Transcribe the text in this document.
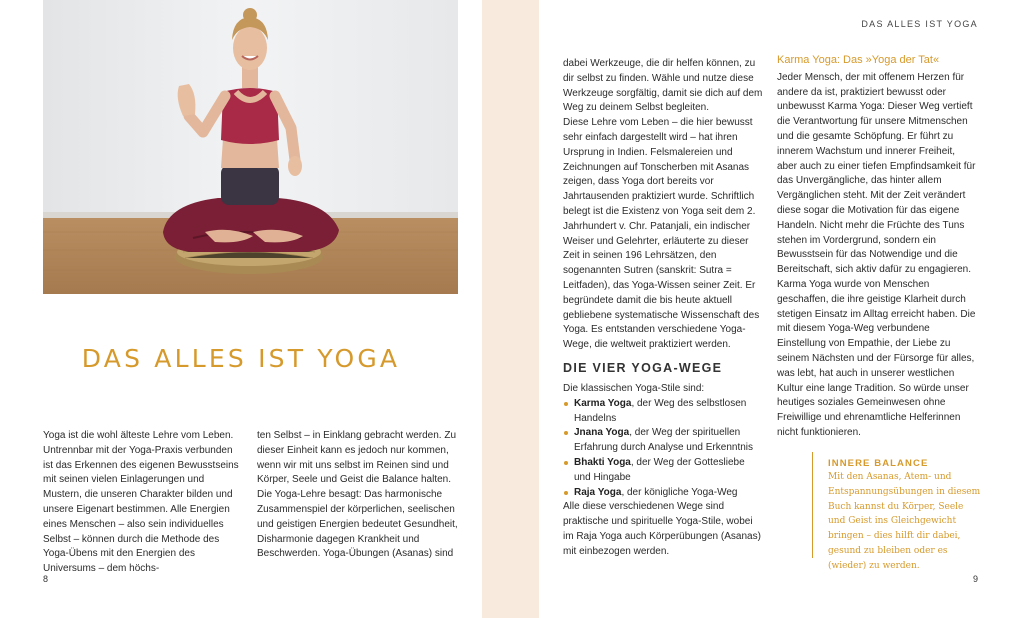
DAS ALLES IST YOGA
Yoga ist die wohl älteste Lehre vom Leben. Untrennbar mit der Yoga-Praxis verbunden ist das Erkennen des eigenen Bewusstseins mit seinen vielen Einlagerungen und Mustern, die unseren Charakter bilden und unsere Eigenart bestimmen. Alle Energien eines Menschen – also sein individuelles Selbst – können durch die Methode des Yoga-Übens mit den Energien des Universums – dem höchs-
ten Selbst – in Einklang gebracht werden. Zu dieser Einheit kann es jedoch nur kommen, wenn wir mit uns selbst im Reinen sind und Körper, Seele und Geist die Balance halten. Die Yoga-Lehre besagt: Das harmonische Zusammenspiel der körperlichen, seelischen und geistigen Energien bedeutet Gesundheit, Disharmonie dagegen Krankheit und Beschwerden. Yoga-Übungen (Asanas) sind
8
DAS ALLES IST YOGA
dabei Werkzeuge, die dir helfen können, zu dir selbst zu finden. Wähle und nutze diese Werkzeuge sorgfältig, damit sie dich auf dem Weg zu deinem Selbst begleiten.
Diese Lehre vom Leben – die hier bewusst sehr einfach dargestellt wird – hat ihren Ursprung in Indien. Felsmalereien und Zeichnungen auf Tonscherben mit Asanas zeigen, dass Yoga dort bereits vor Jahrtausenden praktiziert wurde. Schriftlich belegt ist die Existenz von Yoga seit dem 2. Jahrhundert v. Chr. Patanjali, ein indischer Weiser und Gelehrter, erläuterte zu dieser Zeit in seinen 196 Lehrsätzen, den sogenannten Sutren (sanskrit: Sutra = Leitfaden), das Yoga-Wissen seiner Zeit. Er begründete damit die bis heute aktuell gebliebene systematische Wissenschaft des Yoga. Es entstanden verschiedene Yoga-Wege, die weltweit praktiziert werden.
DIE VIER YOGA-WEGE
Die klassischen Yoga-Stile sind:
Karma Yoga, der Weg des selbstlosen Handelns
Jnana Yoga, der Weg der spirituellen Erfahrung durch Analyse und Erkenntnis
Bhakti Yoga, der Weg der Gottesliebe und Hingabe
Raja Yoga, der königliche Yoga-Weg
Alle diese verschiedenen Wege sind praktische und spirituelle Yoga-Stile, wobei im Raja Yoga auch Körperübungen (Asanas) mit einbezogen werden.
Karma Yoga: Das »Yoga der Tat«
Jeder Mensch, der mit offenem Herzen für andere da ist, praktiziert bewusst oder unbewusst Karma Yoga: Dieser Weg vertieft die Verantwortung für unsere Mitmenschen und die gesamte Schöpfung. Er führt zu innerem Wachstum und innerer Freiheit, aber auch zu einer tiefen Empfindsamkeit für das Unvergängliche, das hinter allem Vergänglichen steht. Mit der Zeit verändert diese sogar die Motivation für das eigene Handeln. Nicht mehr die Früchte des Tuns stehen im Vordergrund, sondern ein Bewusstsein für das Notwendige und die Bereitschaft, sich aktiv dafür zu engagieren.
Karma Yoga wurde von Menschen geschaffen, die ihre geistige Klarheit durch stetigen Einsatz im Alltag erreicht haben. Die mit diesem Yoga-Weg verbundene Einstellung von Empathie, der Liebe zu seinem Nächsten und der Fürsorge für alles, was lebt, hat auch in unserer westlichen Kultur eine lange Tradition. So würde unser heutiges soziales Gemeinwesen ohne Freiwillige und ehrenamtliche Helferinnen nicht funktionieren.
INNERE BALANCE
Mit den Asanas, Atem- und Entspannungsübungen in diesem Buch kannst du Körper, Seele und Geist ins Gleichgewicht bringen – dies hilft dir dabei, gesund zu bleiben oder es (wieder) zu werden.
9
